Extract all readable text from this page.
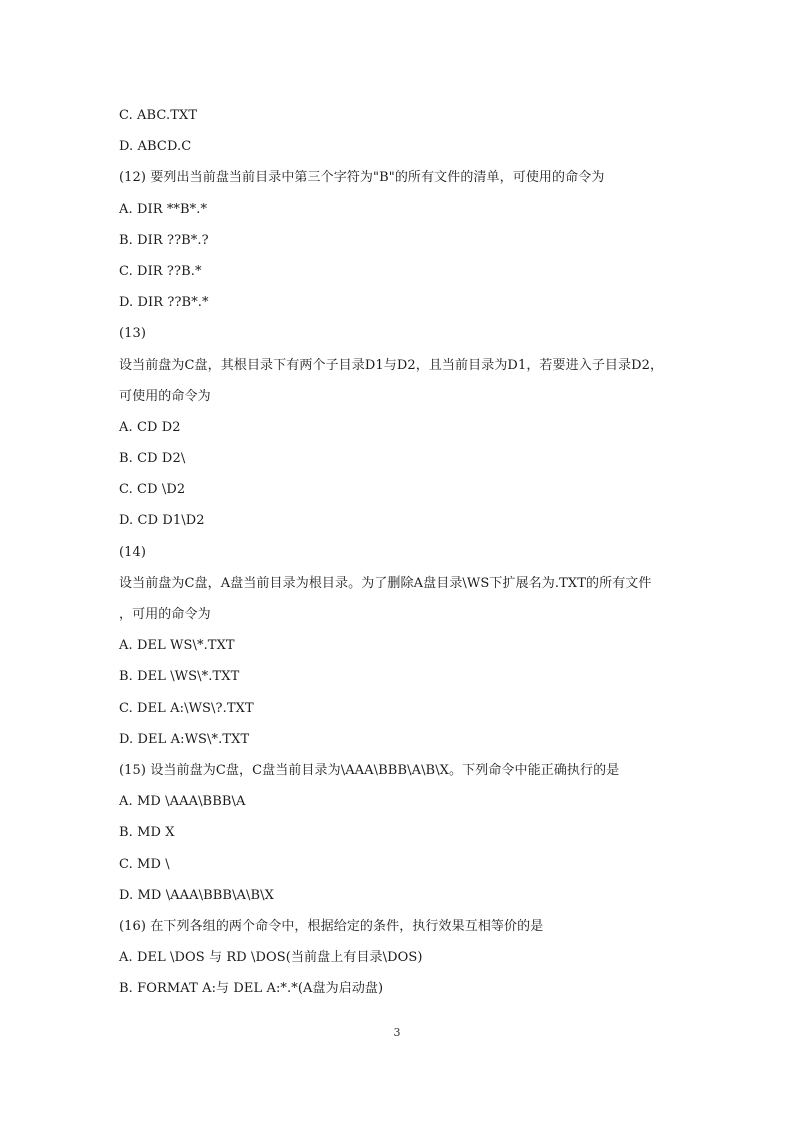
C. ABC.TXT
D. ABCD.C
(12) 要列出当前盘当前目录中第三个字符为"B"的所有文件的清单，可使用的命令为
A. DIR **B*.*
B. DIR ??B*.?
C. DIR ??B.*
D. DIR ??B*.*
(13)
设当前盘为C盘，其根目录下有两个子目录D1与D2，且当前目录为D1，若要进入子目录D2，
可使用的命令为
A. CD D2
B. CD D2\
C. CD \D2
D. CD D1\D2
(14)
设当前盘为C盘，A盘当前目录为根目录。为了删除A盘目录\WS下扩展名为.TXT的所有文件
，可用的命令为
A. DEL WS\*.TXT
B. DEL \WS\*.TXT
C. DEL A:\WS\?.TXT
D. DEL A:WS\*.TXT
(15) 设当前盘为C盘，C盘当前目录为\AAA\BBB\A\B\X。下列命令中能正确执行的是
A. MD \AAA\BBB\A
B. MD X
C. MD \
D. MD \AAA\BBB\A\B\X
(16) 在下列各组的两个命令中，根据给定的条件，执行效果互相等价的是
A. DEL \DOS 与 RD \DOS(当前盘上有目录\DOS)
B. FORMAT A:与 DEL A:*.*(A盘为启动盘)
3
